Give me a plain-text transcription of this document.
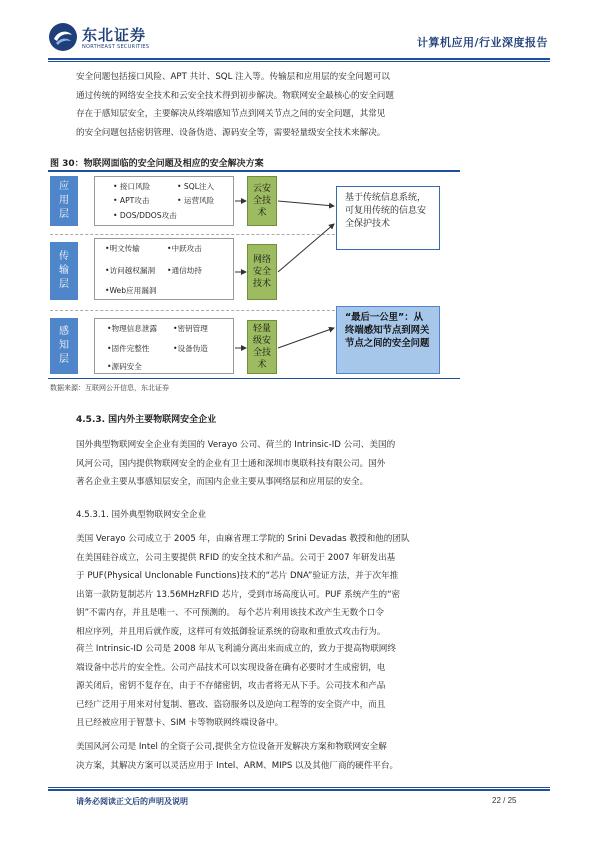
东北证券
NORTHEAST SECURITIES	计算机应用/行业深度报告
安全问题包括接口风险、APT 共计、SQL 注入等。传输层和应用层的安全问题可以
通过传统的网络安全技术和云安全技术得到初步解决。物联网安全最核心的安全问题
存在于感知层安全，主要解决从终端感知节点到网关节点之间的安全问题，其常见
的安全问题包括密钥管理、设备伪造、源码安全等，需要轻量级安全技术来解决。
图 30：物联网面临的安全问题及相应的安全解决方案
应用层
• 接口风险	• SQL注入
• APT攻击	• 运营风险
• DOS/DDOS攻击
云安全技术
传输层
•明文传输	•中跃攻击
•访问越权漏洞 •通信劫持
•Web应用漏洞
网络安全技术
感知层
•物理信息泄露 •密钥管理
•固件完整性	•设备伪造
•源码安全
轻量级安全技术
基于传统信息系统，可复用传统的信息安全保护技术
“最后一公里”：从终端感知节点到网关节点之间的安全问题
数据来源：互联网公开信息，东北证券
4.5.3. 国内外主要物联网安全企业
国外典型物联网安全企业有美国的 Verayo 公司、荷兰的 Intrinsic-ID 公司、美国的
风河公司，国内提供物联网安全的企业有卫士通和深圳市奥联科技有限公司。国外
著名企业主要从事感知层安全，而国内企业主要从事网络层和应用层的安全。
4.5.3.1. 国外典型物联网安全企业
美国 Verayo 公司成立于 2005 年，由麻省理工学院的 Srini Devadas 教授和他的团队
在美国硅谷成立，公司主要提供 RFID 的安全技术和产品。公司于 2007 年研发出基
于 PUF(Physical Unclonable Functions)技术的“芯片 DNA”验证方法，并于次年推
出第一款防复制芯片 13.56MHzRFID 芯片，受到市场高度认可。PUF 系统产生的“密
钥”不需内存，并且是唯一、不可预测的。 每个芯片利用该技术改产生无数个口令
相应序列，并且用后就作废，这样可有效抵御验证系统的窃取和重放式攻击行为。
荷兰 Intrinsic-ID 公司是 2008 年从飞利浦分离出来而成立的，致力于提高物联网终
端设备中芯片的安全性。公司产品技术可以实现设备在确有必要时才生成密钥，电
源关闭后，密钥不复存在，由于不存储密钥，攻击者将无从下手。公司技术和产品
已经广泛用于用来对付复制、篡改、盗窃服务以及逆向工程等的安全资产中，而且
且已经被应用于智慧卡、SIM 卡等物联网终端设备中。
美国风河公司是 Intel 的全资子公司,提供全方位设备开发解决方案和物联网安全解
决方案，其解决方案可以灵活应用于 Intel、ARM、MIPS 以及其他厂商的硬件平台。
请务必阅读正文后的声明及说明	22 / 25
